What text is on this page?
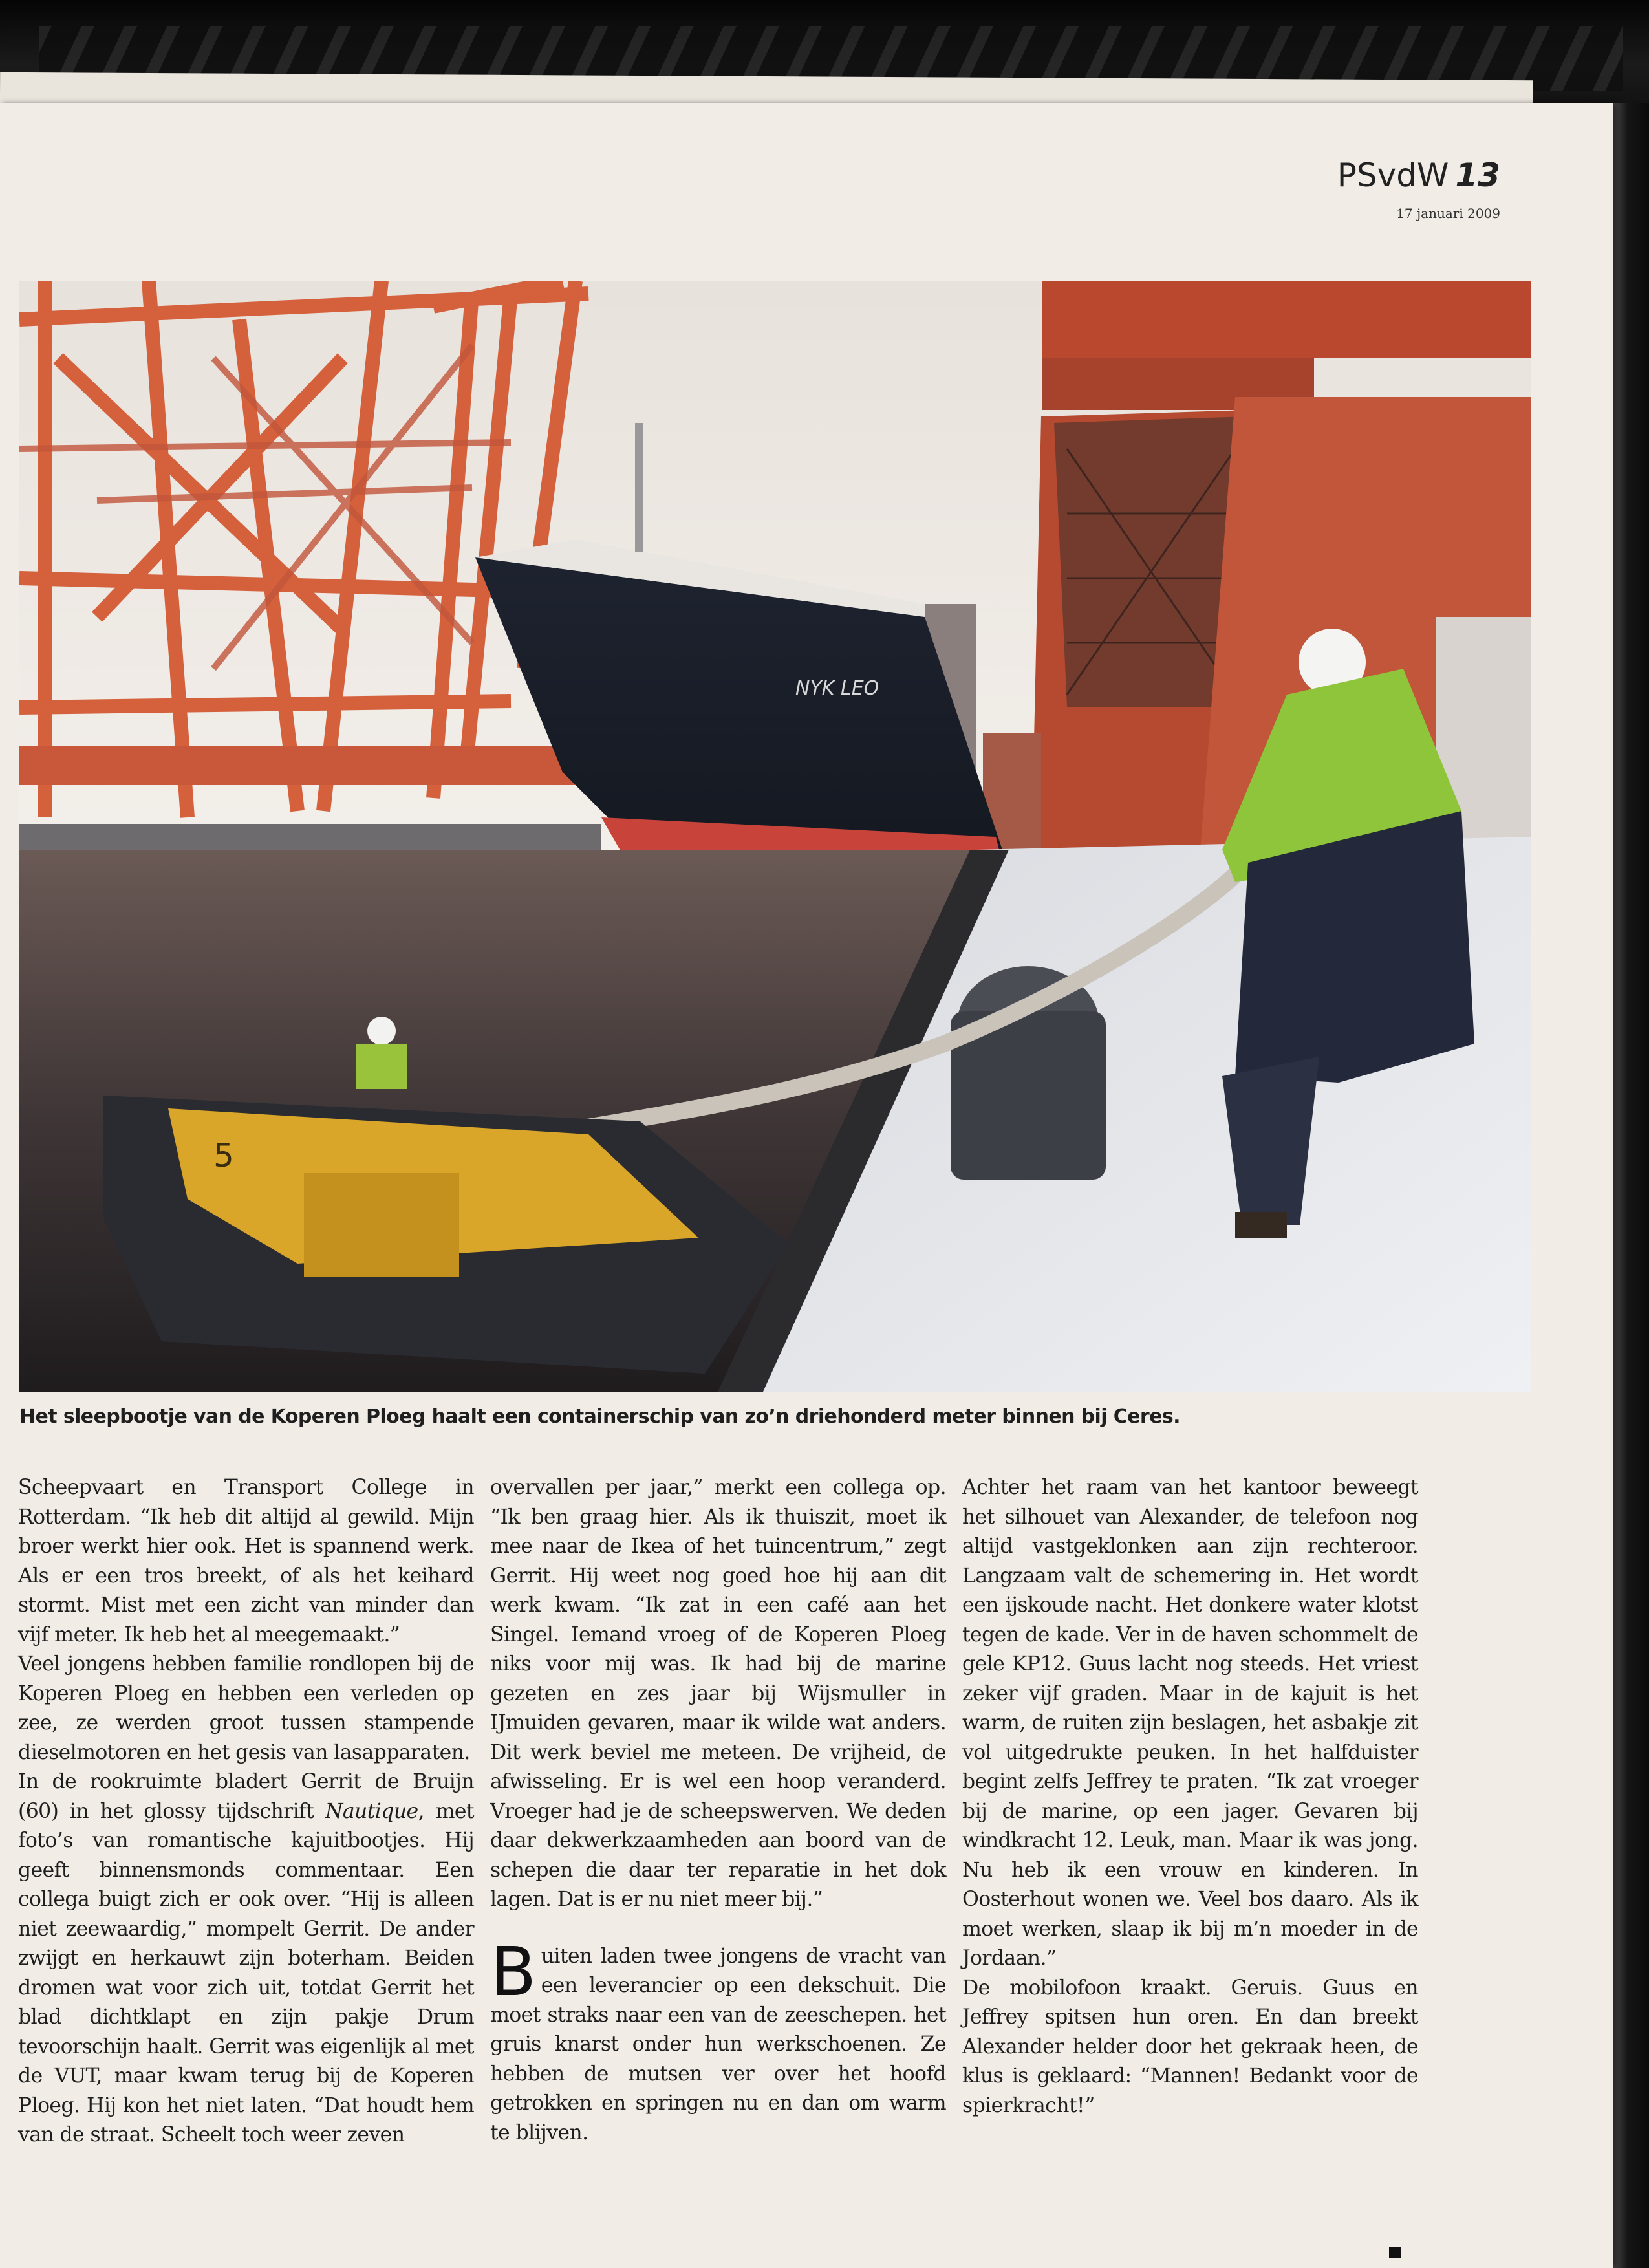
PSvdW 13
17 januari 2009
NYK LEO
5
Het sleepbootje van de Koperen Ploeg haalt een containerschip van zo’n driehonderd meter binnen bij Ceres.

Scheepvaart en Transport College in Rotterdam. “Ik heb dit altijd al gewild. Mijn broer werkt hier ook. Het is spannend werk. Als er een tros breekt, of als het keihard stormt. Mist met een zicht van minder dan vijf meter. Ik heb het al meegemaakt.”

Veel jongens hebben familie rondlopen bij de Koperen Ploeg en hebben een verleden op zee, ze werden groot tussen stampende dieselmotoren en het gesis van lasapparaten.

In de rookruimte bladert Gerrit de Bruijn (60) in het glossy tijdschrift Nautique, met foto’s van romantische kajuitbootjes. Hij geeft binnensmonds commentaar. Een collega buigt zich er ook over. “Hij is alleen niet zeewaardig,” mompelt Gerrit. De ander zwijgt en herkauwt zijn boterham. Beiden dromen wat voor zich uit, totdat Gerrit het blad dichtklapt en zijn pakje Drum tevoorschijn haalt. Gerrit was eigenlijk al met de VUT, maar kwam terug bij de Koperen Ploeg. Hij kon het niet laten. “Dat houdt hem van de straat. Scheelt toch weer zeven

overvallen per jaar,” merkt een collega op. “Ik ben graag hier. Als ik thuiszit, moet ik mee naar de Ikea of het tuincentrum,” zegt Gerrit. Hij weet nog goed hoe hij aan dit werk kwam. “Ik zat in een café aan het Singel. Iemand vroeg of de Koperen Ploeg niks voor mij was. Ik had bij de marine gezeten en zes jaar bij Wijsmuller in IJmuiden gevaren, maar ik wilde wat anders. Dit werk beviel me meteen. De vrijheid, de afwisseling. Er is wel een hoop veranderd. Vroeger had je de scheepswerven. We deden daar dekwerkzaamheden aan boord van de schepen die daar ter reparatie in het dok lagen. Dat is er nu niet meer bij.”

Buiten laden twee jongens de vracht van een leverancier op een dekschuit. Die moet straks naar een van de zeeschepen. het gruis knarst onder hun werkschoenen. Ze hebben de mutsen ver over het hoofd getrokken en springen nu en dan om warm te blijven.

Achter het raam van het kantoor beweegt het silhouet van Alexander, de telefoon nog altijd vastgeklonken aan zijn rechteroor. Langzaam valt de schemering in. Het wordt een ijskoude nacht. Het donkere water klotst tegen de kade. Ver in de haven schommelt de gele KP12. Guus lacht nog steeds. Het vriest zeker vijf graden. Maar in de kajuit is het warm, de ruiten zijn beslagen, het asbakje zit vol uitgedrukte peuken. In het halfduister begint zelfs Jeffrey te praten. “Ik zat vroeger bij de marine, op een jager. Gevaren bij windkracht 12. Leuk, man. Maar ik was jong. Nu heb ik een vrouw en kinderen. In Oosterhout wonen we. Veel bos daaro. Als ik moet werken, slaap ik bij m’n moeder in de Jordaan.”

De mobilofoon kraakt. Geruis. Guus en Jeffrey spitsen hun oren. En dan breekt Alexander helder door het gekraak heen, de klus is geklaard: “Mannen! Bedankt voor de spierkracht!”
